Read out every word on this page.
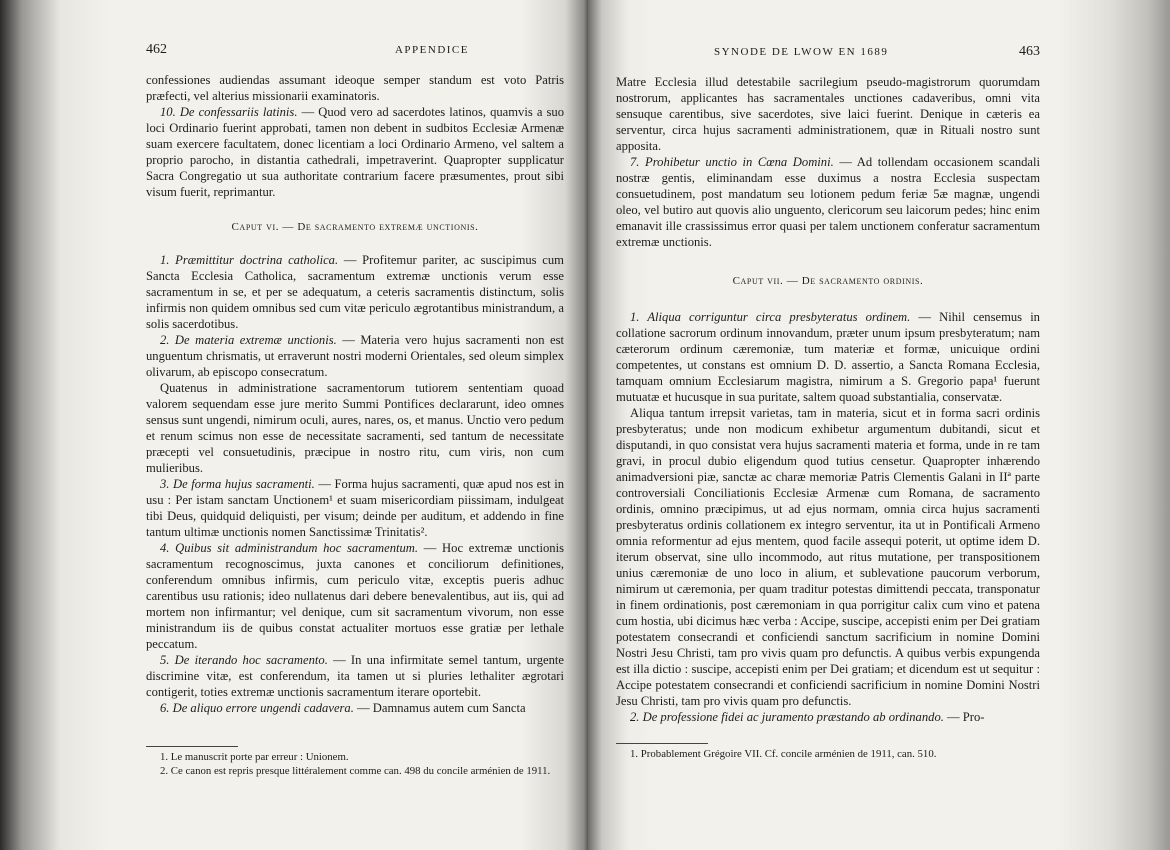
462	APPENDICE

confessiones audiendas assumant ideoque semper standum est voto Patris præfecti, vel alterius missionarii examinatoris.

10. De confessariis latinis. — Quod vero ad sacerdotes latinos, quamvis a suo loci Ordinario fuerint approbati, tamen non debent in sudbitos Ecclesiæ Armenæ suam exercere facultatem, donec licentiam a loci Ordinario Armeno, vel saltem a proprio parocho, in distantia cathedrali, impetraverint. Quapropter supplicatur Sacra Congregatio ut sua authoritate contrarium facere præsumentes, prout sibi visum fuerit, reprimantur.

Caput vi. — De sacramento extremæ unctionis.

1. Præmittitur doctrina catholica. — Profitemur pariter, ac suscipimus cum Sancta Ecclesia Catholica, sacramentum extremæ unctionis verum esse sacramentum in se, et per se adequatum, a ceteris sacramentis distinctum, solis infirmis non quidem omnibus sed cum vitæ periculo ægrotantibus ministrandum, a solis sacerdotibus.

2. De materia extremæ unctionis. — Materia vero hujus sacramenti non est unguentum chrismatis, ut erraverunt nostri moderni Orientales, sed oleum simplex olivarum, ab episcopo consecratum.

Quatenus in administratione sacramentorum tutiorem sententiam quoad valorem sequendam esse jure merito Summi Pontifices declararunt, ideo omnes sensus sunt ungendi, nimirum oculi, aures, nares, os, et manus. Unctio vero pedum et renum scimus non esse de necessitate sacramenti, sed tantum de necessitate præcepti vel consuetudinis, præcipue in nostro ritu, cum viris, non cum mulieribus.

3. De forma hujus sacramenti. — Forma hujus sacramenti, quæ apud nos est in usu : Per istam sanctam Unctionem¹ et suam misericordiam piissimam, indulgeat tibi Deus, quidquid deliquisti, per visum; deinde per auditum, et addendo in fine tantum ultimæ unctionis nomen Sanctissimæ Trinitatis².

4. Quibus sit administrandum hoc sacramentum. — Hoc extremæ unctionis sacramentum recognoscimus, juxta canones et conciliorum definitiones, conferendum omnibus infirmis, cum periculo vitæ, exceptis pueris adhuc carentibus usu rationis; ideo nullatenus dari debere benevalentibus, aut iis, qui ad mortem non infirmantur; vel denique, cum sit sacramentum vivorum, non esse ministrandum iis de quibus constat actualiter mortuos esse gratiæ per lethale peccatum.

5. De iterando hoc sacramento. — In una infirmitate semel tantum, urgente discrimine vitæ, est conferendum, ita tamen ut si pluries lethaliter ægrotari contigerit, toties extremæ unctionis sacramentum iterare oportebit.

6. De aliquo errore ungendi cadavera. — Damnamus autem cum Sancta

1. Le manuscrit porte par erreur : Unionem.

2. Ce canon est repris presque littéralement comme can. 498 du concile arménien de 1911.

SYNODE DE LWOW EN 1689	463

Matre Ecclesia illud detestabile sacrilegium pseudo-magistrorum quorumdam nostrorum, applicantes has sacramentales unctiones cadaveribus, omni vita sensuque carentibus, sive sacerdotes, sive laici fuerint. Denique in cæteris ea serventur, circa hujus sacramenti administrationem, quæ in Rituali nostro sunt apposita.

7. Prohibetur unctio in Cœna Domini. — Ad tollendam occasionem scandali nostræ gentis, eliminandam esse duximus a nostra Ecclesia suspectam consuetudinem, post mandatum seu lotionem pedum feriæ 5æ magnæ, ungendi oleo, vel butiro aut quovis alio unguento, clericorum seu laicorum pedes; hinc enim emanavit ille crassissimus error quasi per talem unctionem conferatur sacramentum extremæ unctionis.

Caput vii. — De sacramento ordinis.

1. Aliqua corriguntur circa presbyteratus ordinem. — Nihil censemus in collatione sacrorum ordinum innovandum, præter unum ipsum presbyteratum; nam cæterorum ordinum cæremoniæ, tum materiæ et formæ, unicuique ordini competentes, ut constans est omnium D. D. assertio, a Sancta Romana Ecclesia, tamquam omnium Ecclesiarum magistra, nimirum a S. Gregorio papa¹ fuerunt mutuatæ et hucusque in sua puritate, saltem quoad substantialia, conservatæ.

Aliqua tantum irrepsit varietas, tam in materia, sicut et in forma sacri ordinis presbyteratus; unde non modicum exhibetur argumentum dubitandi, sicut et disputandi, in quo consistat vera hujus sacramenti materia et forma, unde in re tam gravi, in procul dubio eligendum quod tutius censetur. Quapropter inhærendo animadversioni piæ, sanctæ ac charæ memoriæ Patris Clementis Galani in IIª parte controversiali Conciliationis Ecclesiæ Armenæ cum Romana, de sacramento ordinis, omnino præcipimus, ut ad ejus normam, omnia circa hujus sacramenti presbyteratus ordinis collationem ex integro serventur, ita ut in Pontificali Armeno omnia reformentur ad ejus mentem, quod facile assequi poterit, ut optime idem D. iterum observat, sine ullo incommodo, aut ritus mutatione, per transpositionem unius cæremoniæ de uno loco in alium, et sublevatione paucorum verborum, nimirum ut cæremonia, per quam traditur potestas dimittendi peccata, transponatur in finem ordinationis, post cæremoniam in qua porrigitur calix cum vino et patena cum hostia, ubi dicimus hæc verba : Accipe, suscipe, accepisti enim per Dei gratiam potestatem consecrandi et conficiendi sanctum sacrificium in nomine Domini Nostri Jesu Christi, tam pro vivis quam pro defunctis. A quibus verbis expungenda est illa dictio : suscipe, accepisti enim per Dei gratiam; et dicendum est ut sequitur : Accipe potestatem consecrandi et conficiendi sacrificium in nomine Domini Nostri Jesu Christi, tam pro vivis quam pro defunctis.

2. De professione fidei ac juramento præstando ab ordinando. — Pro-

1. Probablement Grégoire VII. Cf. concile arménien de 1911, can. 510.
